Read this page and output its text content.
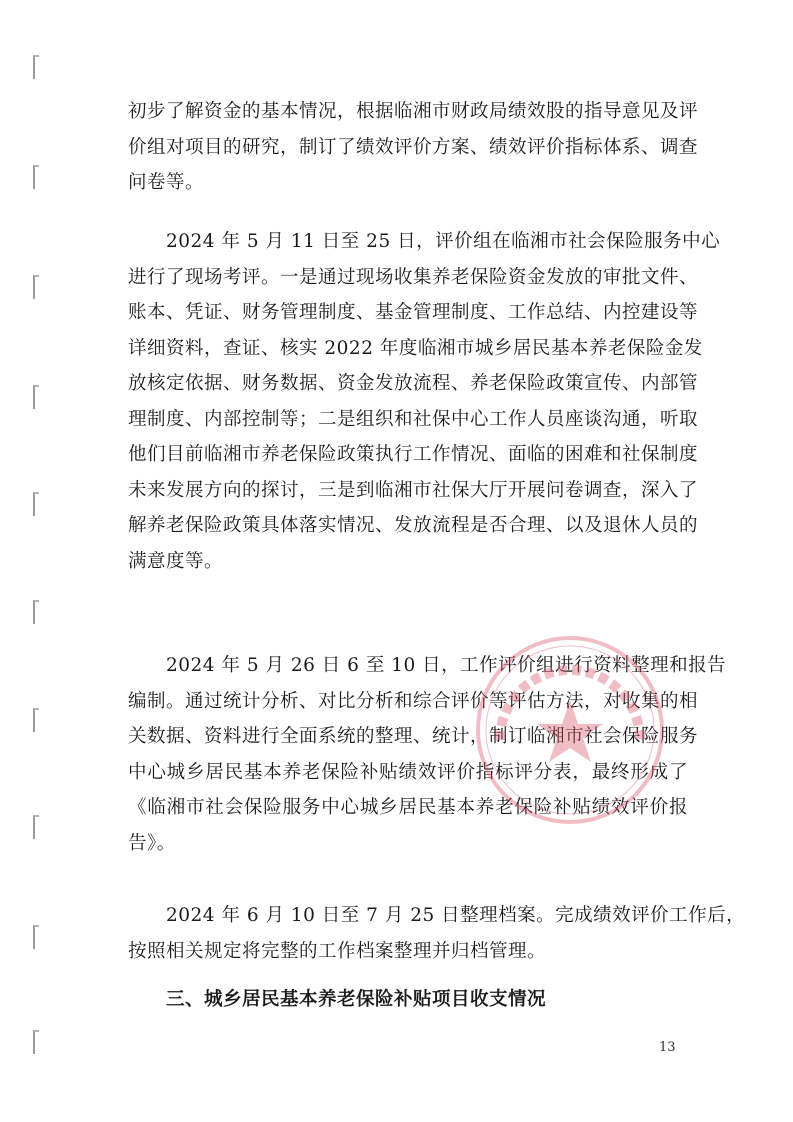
初步了解资金的基本情况，根据临湘市财政局绩效股的指导意见及评
价组对项目的研究，制订了绩效评价方案、绩效评价指标体系、调查
问卷等。
2024 年 5 月 11 日至 25 日，评价组在临湘市社会保险服务中心
进行了现场考评。一是通过现场收集养老保险资金发放的审批文件、
账本、凭证、财务管理制度、基金管理制度、工作总结、内控建设等
详细资料，查证、核实 2022 年度临湘市城乡居民基本养老保险金发
放核定依据、财务数据、资金发放流程、养老保险政策宣传、内部管
理制度、内部控制等；二是组织和社保中心工作人员座谈沟通，听取
他们目前临湘市养老保险政策执行工作情况、面临的困难和社保制度
未来发展方向的探讨，三是到临湘市社保大厅开展问卷调查，深入了
解养老保险政策具体落实情况、发放流程是否合理、以及退休人员的
满意度等。
2024 年 5 月 26 日 6 至 10 日，工作评价组进行资料整理和报告
编制。通过统计分析、对比分析和综合评价等评估方法，对收集的相
关数据、资料进行全面系统的整理、统计，制订临湘市社会保险服务
中心城乡居民基本养老保险补贴绩效评价指标评分表，最终形成了
《临湘市社会保险服务中心城乡居民基本养老保险补贴绩效评价报
告》。
2024 年 6 月 10 日至 7 月 25 日整理档案。完成绩效评价工作后，
按照相关规定将完整的工作档案整理并归档管理。
三、城乡居民基本养老保险补贴项目收支情况
13
